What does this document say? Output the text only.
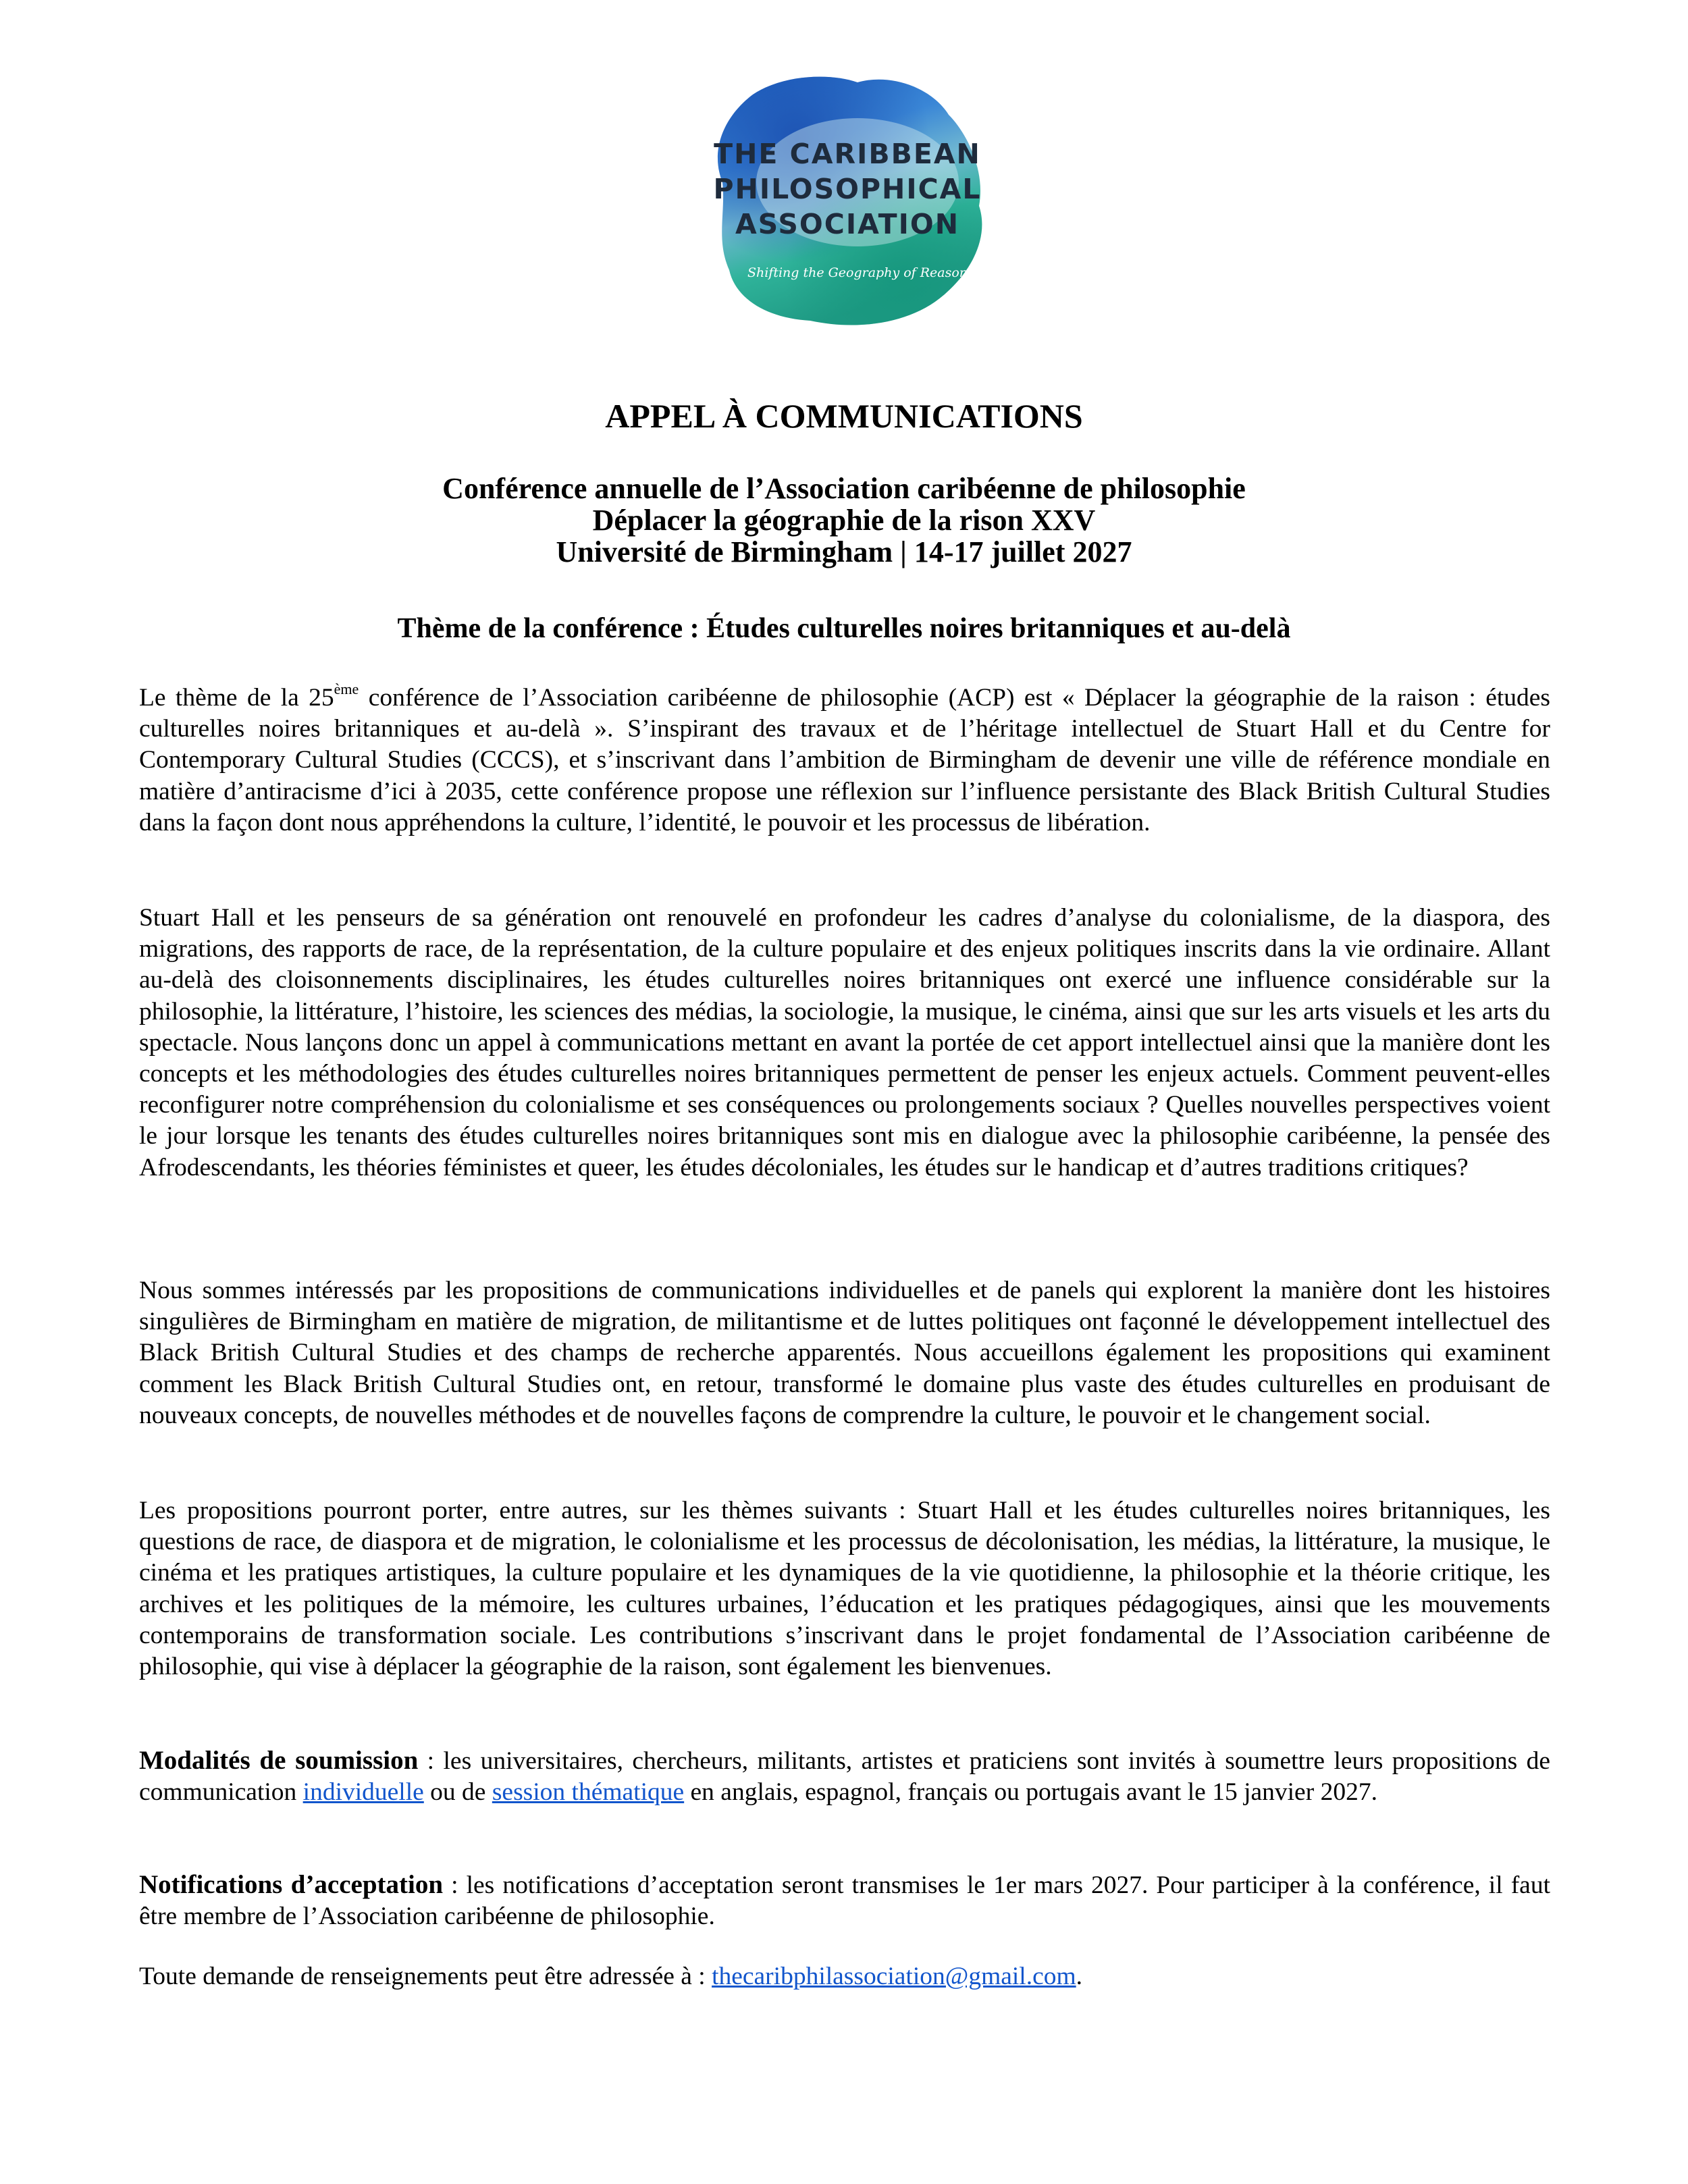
THE CARIBBEAN
PHILOSOPHICAL
ASSOCIATION
Shifting the Geography of Reason
APPEL À COMMUNICATIONS
Conférence annuelle de l’Association caribéenne de philosophie
Déplacer la géographie de la rison XXV
Université de Birmingham | 14-17 juillet 2027
Thème de la conférence : Études culturelles noires britanniques et au-delà

Le thème de la 25ème conférence de l’Association caribéenne de philosophie (ACP) est « Déplacer la géographie de la raison : études culturelles noires britanniques et au-delà ». S’inspirant des travaux et de l’héritage intellectuel de Stuart Hall et du Centre for Contemporary Cultural Studies (CCCS), et s’inscrivant dans l’ambition de Birmingham de devenir une ville de référence mondiale en matière d’antiracisme d’ici à 2035, cette conférence propose une réflexion sur l’influence persistante des Black British Cultural Studies dans la façon dont nous appréhendons la culture, l’identité, le pouvoir et les processus de libération.

Stuart Hall et les penseurs de sa génération ont renouvelé en profondeur les cadres d’analyse du colonialisme, de la diaspora, des migrations, des rapports de race, de la représentation, de la culture populaire et des enjeux politiques inscrits dans la vie ordinaire. Allant au-delà des cloisonnements disciplinaires, les études culturelles noires britanniques ont exercé une influence considérable sur la philosophie, la littérature, l’histoire, les sciences des médias, la sociologie, la musique, le cinéma, ainsi que sur les arts visuels et les arts du spectacle. Nous lançons donc un appel à communications mettant en avant la portée de cet apport intellectuel ainsi que la manière dont les concepts et les méthodologies des études culturelles noires britanniques permettent de penser les enjeux actuels. Comment peuvent-elles reconfigurer notre compréhension du colonialisme et ses conséquences ou prolongements sociaux ? Quelles nouvelles perspectives voient le jour lorsque les tenants des études culturelles noires britanniques sont mis en dialogue avec la philosophie caribéenne, la pensée des Afrodescendants, les théories féministes et queer, les études décoloniales, les études sur le handicap et d’autres traditions critiques?

Nous sommes intéressés par les propositions de communications individuelles et de panels qui explorent la manière dont les histoires singulières de Birmingham en matière de migration, de militantisme et de luttes politiques ont façonné le développement intellectuel des Black British Cultural Studies et des champs de recherche apparentés. Nous accueillons également les propositions qui examinent comment les Black British Cultural Studies ont, en retour, transformé le domaine plus vaste des études culturelles en produisant de nouveaux concepts, de nouvelles méthodes et de nouvelles façons de comprendre la culture, le pouvoir et le changement social.

Les propositions pourront porter, entre autres, sur les thèmes suivants : Stuart Hall et les études culturelles noires britanniques, les questions de race, de diaspora et de migration, le colonialisme et les processus de décolonisation, les médias, la littérature, la musique, le cinéma et les pratiques artistiques, la culture populaire et les dynamiques de la vie quotidienne, la philosophie et la théorie critique, les archives et les politiques de la mémoire, les cultures urbaines, l’éducation et les pratiques pédagogiques, ainsi que les mouvements contemporains de transformation sociale. Les contributions s’inscrivant dans le projet fondamental de l’Association caribéenne de philosophie, qui vise à déplacer la géographie de la raison, sont également les bienvenues.

Modalités de soumission : les universitaires, chercheurs, militants, artistes et praticiens sont invités à soumettre leurs propositions de communication individuelle ou de session thématique en anglais, espagnol, français ou portugais avant le 15 janvier 2027.

Notifications d’acceptation : les notifications d’acceptation seront transmises le 1er mars 2027. Pour participer à la conférence, il faut être membre de l’Association caribéenne de philosophie.

Toute demande de renseignements peut être adressée à : thecaribphilassociation@gmail.com.
